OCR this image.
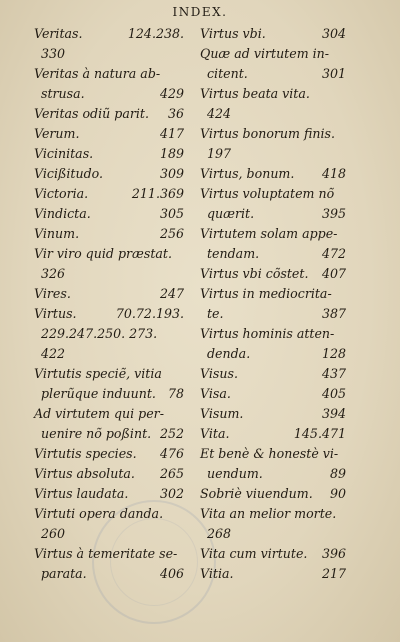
INDEX.
Veritas.	124.238.
330
Veritas à natura ab-
strusa.	429
Veritas odiũ parit. 36
Verum.	417
Vicinitas.	189
Vicißitudo.	309
Victoria.	211.369
Vindicta.	305
Vinum.	256
Vir viro quid præstat.
326
Vires.	247
Virtus.	70.72.193.
229.247.250. 273.
422
Virtutis speciẽ, vitia
plerũque induunt. 78
Ad virtutem qui per-
uenire nõ poßint. 252
Virtutis species. 476
Virtus absoluta. 265
Virtus laudata.	302
Virtuti opera danda.
260
Virtus à temeritate se-
parata.	406
Virtus vbi.	304
Quæ ad virtutem in-
citent.	301
Virtus beata vita.
424
Virtus bonorum finis.
197
Virtus, bonum. 418
Virtus voluptatem nõ
quærit.	395
Virtutem solam appe-
tendam.	472
Virtus vbi cõstet. 407
Virtus in mediocrita-
te.	387
Virtus hominis atten-
denda.	128
Visus.	437
Visa.	405
Visum.	394
Vita.	145.471
Et benè & honestè vi-
uendum.	89
Sobriè viuendum. 90
Vita an melior morte.
268
Vita cum virtute. 396
Vitia.	217
